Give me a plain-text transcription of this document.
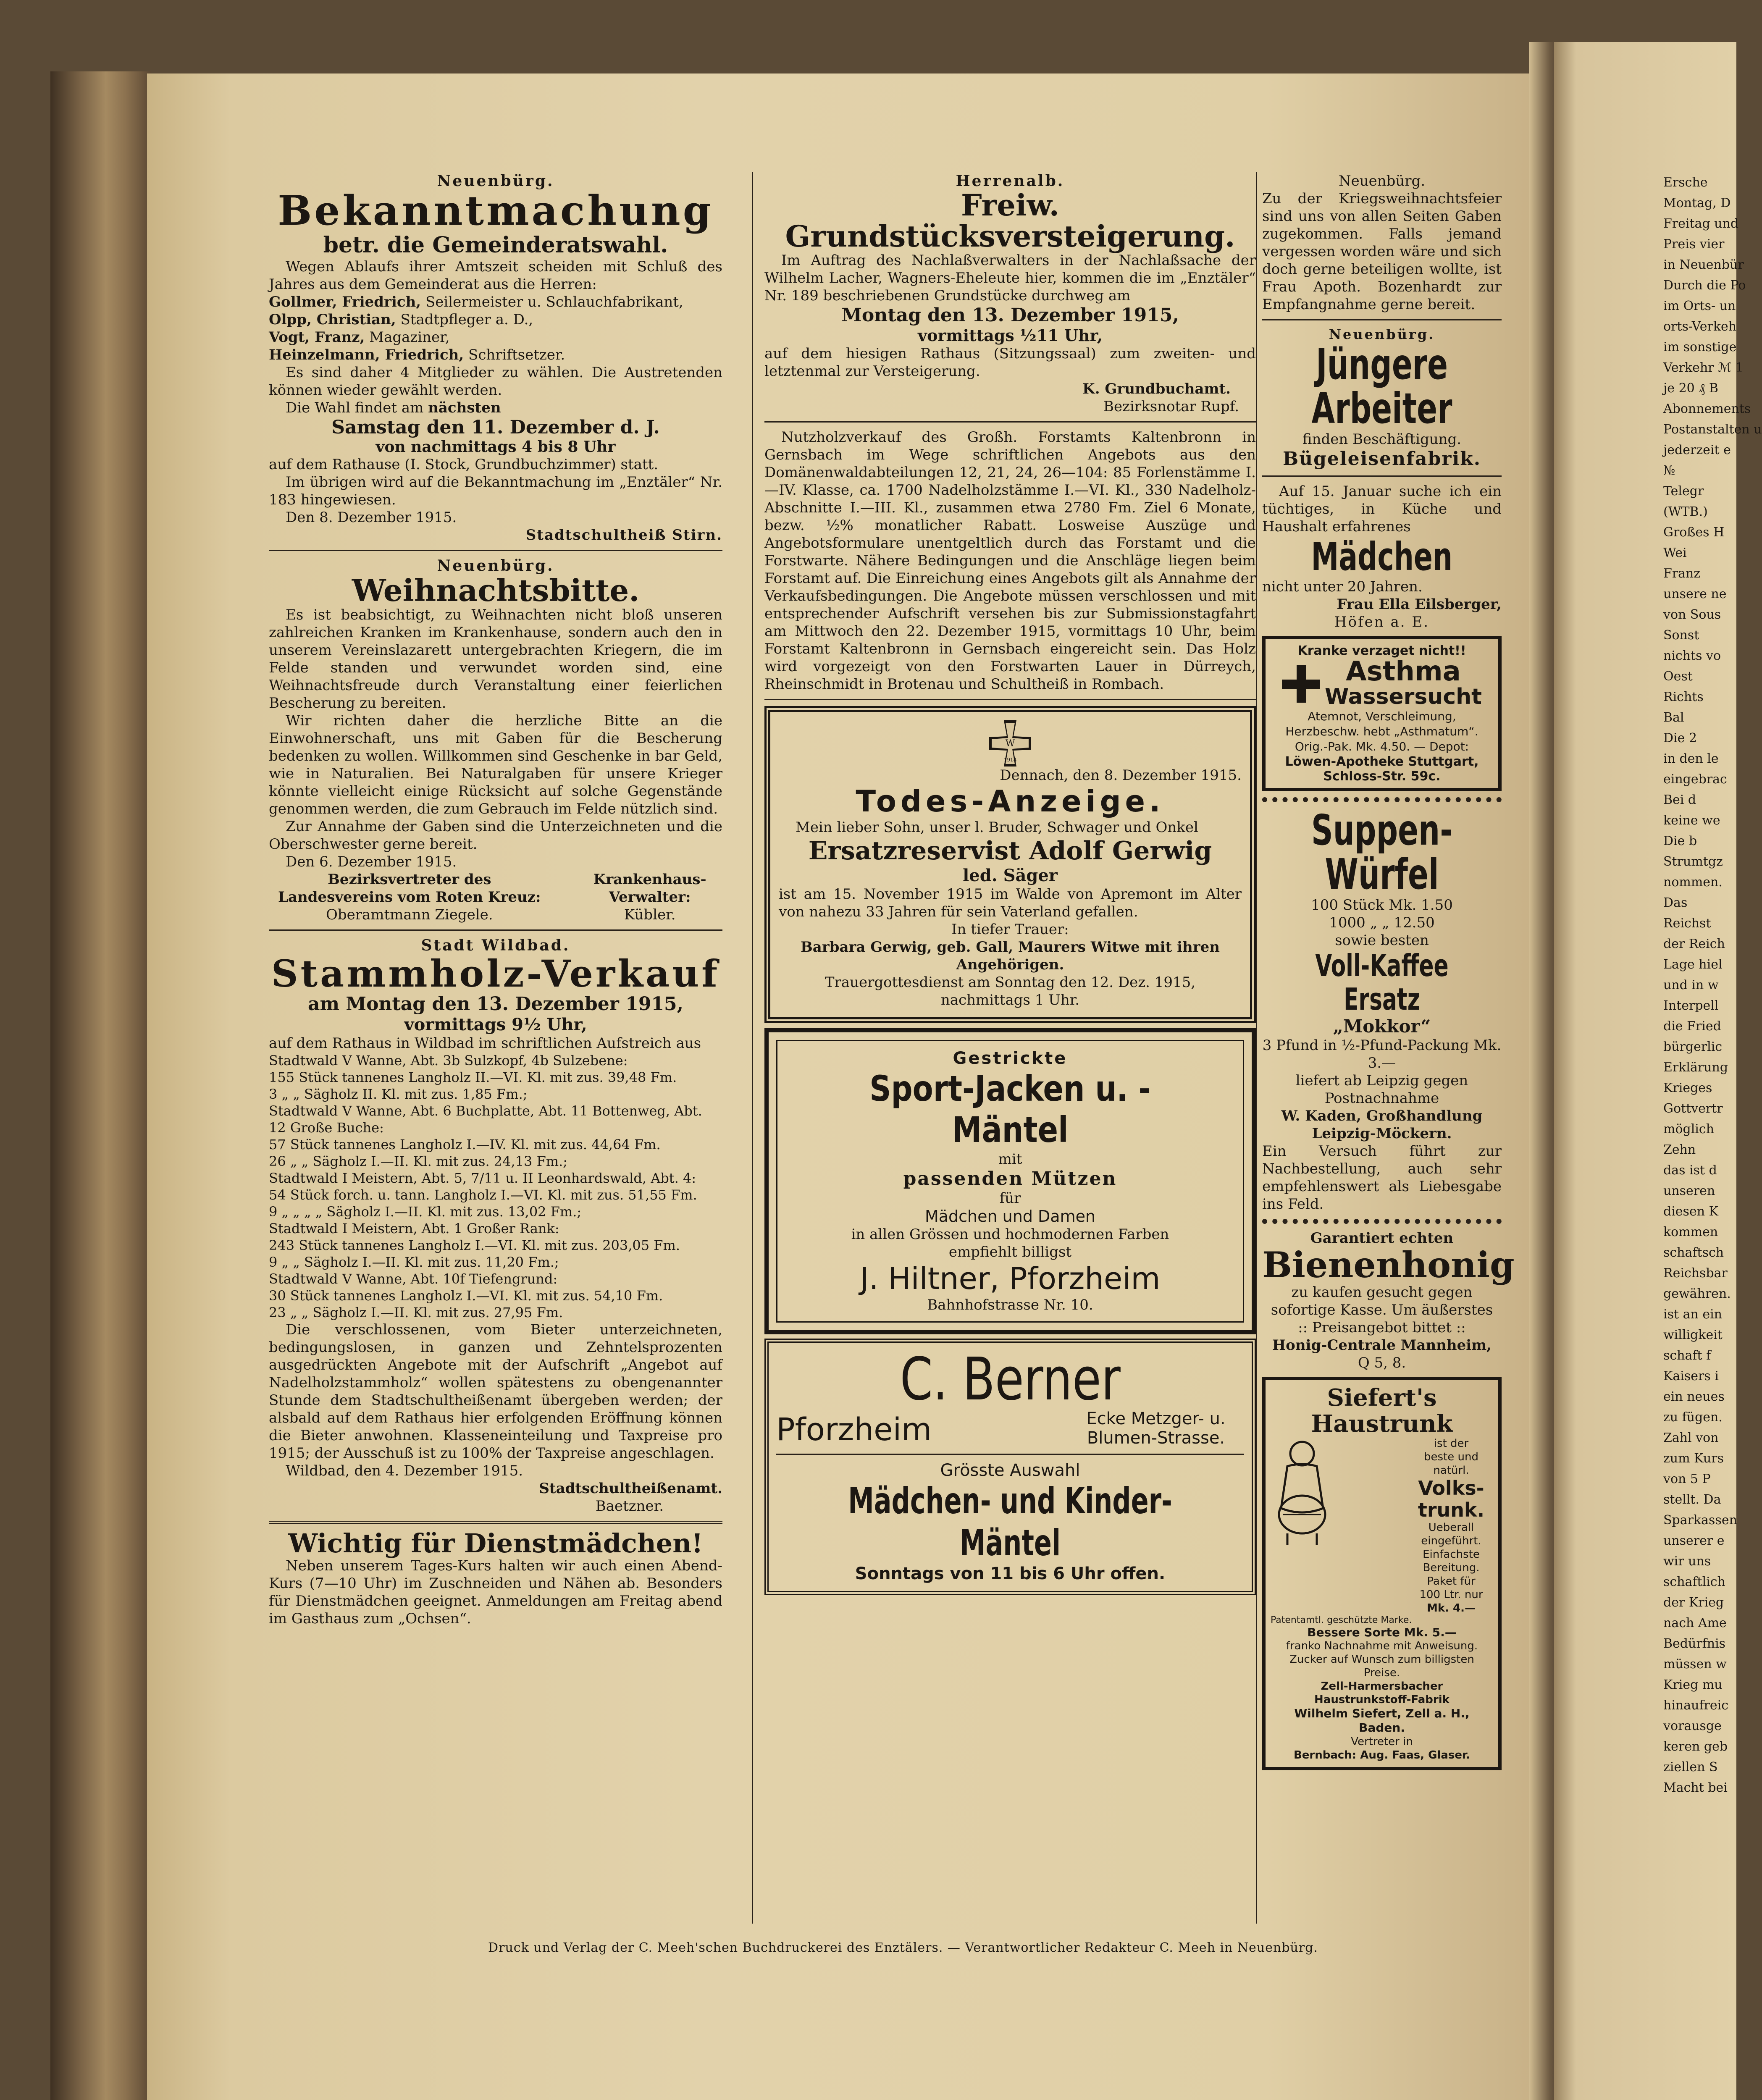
Neuenbürg.
Bekanntmachung
betr. die Gemeinderatswahl.

Wegen Ablaufs ihrer Amtszeit scheiden mit Schluß des Jahres aus dem Gemeinderat aus die Herren:

Gollmer, Friedrich, Seilermeister u. Schlauchfabrikant,
Olpp, Christian, Stadtpfleger a. D.,
Vogt, Franz, Magaziner,
Heinzelmann, Friedrich, Schriftsetzer.

Es sind daher 4 Mitglieder zu wählen. Die Austretenden können wieder gewählt werden.

Die Wahl findet am nächsten

Samstag den 11. Dezember d. J.
von nachmittags 4 bis 8 Uhr

auf dem Rathause (I. Stock, Grundbuchzimmer) statt.

Im übrigen wird auf die Bekanntmachung im „Enztäler“ Nr. 183 hingewiesen.

Den 8. Dezember 1915.

Stadtschultheiß Stirn.
Neuenbürg.
Weihnachtsbitte.

Es ist beabsichtigt, zu Weihnachten nicht bloß unseren zahlreichen Kranken im Krankenhause, sondern auch den in unserem Vereinslazarett untergebrachten Kriegern, die im Felde standen und verwundet worden sind, eine Weihnachtsfreude durch Veranstaltung einer feierlichen Bescherung zu bereiten.

Wir richten daher die herzliche Bitte an die Einwohnerschaft, uns mit Gaben für die Bescherung bedenken zu wollen. Willkommen sind Geschenke in bar Geld, wie in Naturalien. Bei Naturalgaben für unsere Krieger könnte vielleicht einige Rücksicht auf solche Gegenstände genommen werden, die zum Gebrauch im Felde nützlich sind.

Zur Annahme der Gaben sind die Unterzeichneten und die Oberschwester gerne bereit.

Den 6. Dezember 1915.

Bezirksvertreter des Landesvereins vom Roten Kreuz:
Oberamtmann Ziegele.
Krankenhaus-Verwalter:
Kübler.
Stadt Wildbad.
Stammholz-Verkauf
am Montag den 13. Dezember 1915,
vormittags 9½ Uhr,

auf dem Rathaus in Wildbad im schriftlichen Aufstreich aus

Stadtwald V Wanne, Abt. 3b Sulzkopf, 4b Sulzebene:
155 Stück tannenes Langholz II.—VI. Kl. mit zus. 39,48 Fm.
3 „ „ Sägholz II. Kl. mit zus. 1,85 Fm.;
Stadtwald V Wanne, Abt. 6 Buchplatte, Abt. 11 Bottenweg, Abt. 12 Große Buche:
57 Stück tannenes Langholz I.—IV. Kl. mit zus. 44,64 Fm.
26 „ „ Sägholz I.—II. Kl. mit zus. 24,13 Fm.;
Stadtwald I Meistern, Abt. 5, 7/11 u. II Leonhardswald, Abt. 4:
54 Stück forch. u. tann. Langholz I.—VI. Kl. mit zus. 51,55 Fm.
9 „ „ „ „ Sägholz I.—II. Kl. mit zus. 13,02 Fm.;
Stadtwald I Meistern, Abt. 1 Großer Rank:
243 Stück tannenes Langholz I.—VI. Kl. mit zus. 203,05 Fm.
9 „ „ Sägholz I.—II. Kl. mit zus. 11,20 Fm.;
Stadtwald V Wanne, Abt. 10f Tiefengrund:
30 Stück tannenes Langholz I.—VI. Kl. mit zus. 54,10 Fm.
23 „ „ Sägholz I.—II. Kl. mit zus. 27,95 Fm.

Die verschlossenen, vom Bieter unterzeichneten, bedingungslosen, in ganzen und Zehntelsprozenten ausgedrückten Angebote mit der Aufschrift „Angebot auf Nadelholzstammholz“ wollen spätestens zu obengenannter Stunde dem Stadtschultheißenamt übergeben werden; der alsbald auf dem Rathaus hier erfolgenden Eröffnung können die Bieter anwohnen. Klasseneinteilung und Taxpreise pro 1915; der Ausschuß ist zu 100% der Taxpreise angeschlagen.

Wildbad, den 4. Dezember 1915.

Stadtschultheißenamt.
Baetzner.
Wichtig für Dienstmädchen!

Neben unserem Tages-Kurs halten wir auch einen Abend-Kurs (7—10 Uhr) im Zuschneiden und Nähen ab. Besonders für Dienstmädchen geeignet. Anmeldungen am Freitag abend im Gasthaus zum „Ochsen“.

Herrenalb.
Freiw. Grundstücksversteigerung.

Im Auftrag des Nachlaßverwalters in der Nachlaßsache der Wilhelm Lacher, Wagners-Eheleute hier, kommen die im „Enztäler“ Nr. 189 beschriebenen Grundstücke durchweg am

Montag den 13. Dezember 1915,
vormittags ½11 Uhr,

auf dem hiesigen Rathaus (Sitzungssaal) zum zweiten- und letztenmal zur Versteigerung.

K. Grundbuchamt.
Bezirksnotar Rupf.

Nutzholzverkauf des Großh. Forstamts Kaltenbronn in Gernsbach im Wege schriftlichen Angebots aus den Domänenwaldabteilungen 12, 21, 24, 26—104: 85 Forlenstämme I.—IV. Klasse, ca. 1700 Nadelholzstämme I.—VI. Kl., 330 Nadelholz-Abschnitte I.—III. Kl., zusammen etwa 2780 Fm. Ziel 6 Monate, bezw. ½% monatlicher Rabatt. Losweise Auszüge und Angebotsformulare unentgeltlich durch das Forstamt und die Forstwarte. Nähere Bedingungen und die Anschläge liegen beim Forstamt auf. Die Einreichung eines Angebots gilt als Annahme der Verkaufsbedingungen. Die Angebote müssen verschlossen und mit entsprechender Aufschrift versehen bis zur Submissionstagfahrt am Mittwoch den 22. Dezember 1915, vormittags 10 Uhr, beim Forstamt Kaltenbronn in Gernsbach eingereicht sein. Das Holz wird vorgezeigt von den Forstwarten Lauer in Dürreych, Rheinschmidt in Brotenau und Schultheiß in Rombach.

W
1914
Dennach, den 8. Dezember 1915.
Todes-Anzeige.

Mein lieber Sohn, unser l. Bruder, Schwager und Onkel

Ersatzreservist Adolf Gerwig
led. Säger

ist am 15. November 1915 im Walde von Apremont im Alter von nahezu 33 Jahren für sein Vaterland gefallen.

In tiefer Trauer:
Barbara Gerwig, geb. Gall, Maurers Witwe mit ihren Angehörigen.
Trauergottesdienst am Sonntag den 12. Dez. 1915, nachmittags 1 Uhr.
Gestrickte
Sport-Jacken u. -Mäntel
mit
passenden Mützen
für
Mädchen und Damen
in allen Grössen und hochmodernen Farben
empfiehlt billigst
J. Hiltner, Pforzheim
Bahnhofstrasse Nr. 10.
C. Berner
Pforzheim	Ecke Metzger- u. Blumen-Strasse.
Grösste Auswahl
Mädchen- und Kinder-Mäntel
Sonntags von 11 bis 6 Uhr offen.
Neuenbürg.

Zu der Kriegsweihnachtsfeier sind uns von allen Seiten Gaben zugekommen. Falls jemand vergessen worden wäre und sich doch gerne beteiligen wollte, ist Frau Apoth. Bozenhardt zur Empfangnahme gerne bereit.

Neuenbürg.
Jüngere Arbeiter
finden Beschäftigung.
Bügeleisenfabrik.

Auf 15. Januar suche ich ein tüchtiges, in Küche und Haushalt erfahrenes

Mädchen

nicht unter 20 Jahren.

Frau Ella Eilsberger,
Höfen a. E.
Kranke verzaget nicht!!
Asthma
Wassersucht
Atemnot, Verschleimung, Herzbeschw. hebt „Asthmatum“. Orig.-Pak. Mk. 4.50. — Depot:
Löwen-Apotheke Stuttgart,
Schloss-Str. 59c.
Suppen-Würfel
100 Stück Mk. 1.50
1000 „ „ 12.50
sowie besten
Voll-Kaffee Ersatz
„Mokkor“
3 Pfund in ½-Pfund-Packung Mk. 3.—
liefert ab Leipzig gegen Postnachnahme
W. Kaden, Großhandlung Leipzig-Möckern.
Ein Versuch führt zur Nachbestellung, auch sehr empfehlenswert als Liebesgabe ins Feld.
Garantiert echten
Bienenhonig
zu kaufen gesucht gegen sofortige Kasse. Um äußerstes
:: Preisangebot bittet ::
Honig-Centrale Mannheim,
Q 5, 8.
Siefert's
Haustrunk
ist der
beste und
natürl.
Volks-
trunk.
Ueberall
eingeführt.
Einfachste
Bereitung.
Paket für
100 Ltr. nur
Mk. 4.—
Patentamtl. geschützte Marke.
Bessere Sorte Mk. 5.—
franko Nachnahme mit Anweisung.
Zucker auf Wunsch zum billigsten Preise.
Zell-Harmersbacher Haustrunkstoff-Fabrik
Wilhelm Siefert, Zell a. H., Baden.
Vertreter in
Bernbach: Aug. Faas, Glaser.
Druck und Verlag der C. Meeh'schen Buchdruckerei des Enztälers. — Verantwortlicher Redakteur C. Meeh in Neuenbürg.
Ersche
Montag, D
Freitag und
Preis vier
in Neuenbür
Durch die Po
im Orts- un
orts-Verkeh
im sonstige
Verkehr ℳ 1
je 20 ₰ B
Abonnements
Postanstalten u
jederzeit e
№
Telegr
(WTB.)
Großes H
Wei
Franz
unsere ne
von Sous
Sonst
nichts vo
Oest
Richts
Bal
Die 2
in den le
eingebrac
Bei d
keine we
Die b
Strumtgz
nommen.
Das
Reichst
der Reich
Lage hiel
und in w
Interpell
die Fried
bürgerlic
Erklärung
Krieges
Gottvertr
möglich
Zehn
das ist d
unseren
diesen K
kommen
schaftsch
Reichsbar
gewähren.
ist an ein
willigkeit
schaft f
Kaisers i
ein neues
zu fügen.
Zahl von
zum Kurs
von 5 P
stellt. Da
Sparkassen
unserer e
wir uns
schaftlich
der Krieg
nach Ame
Bedürfnis
müssen w
Krieg mu
hinaufreic
vorausge
keren geb
ziellen S
Macht bei
